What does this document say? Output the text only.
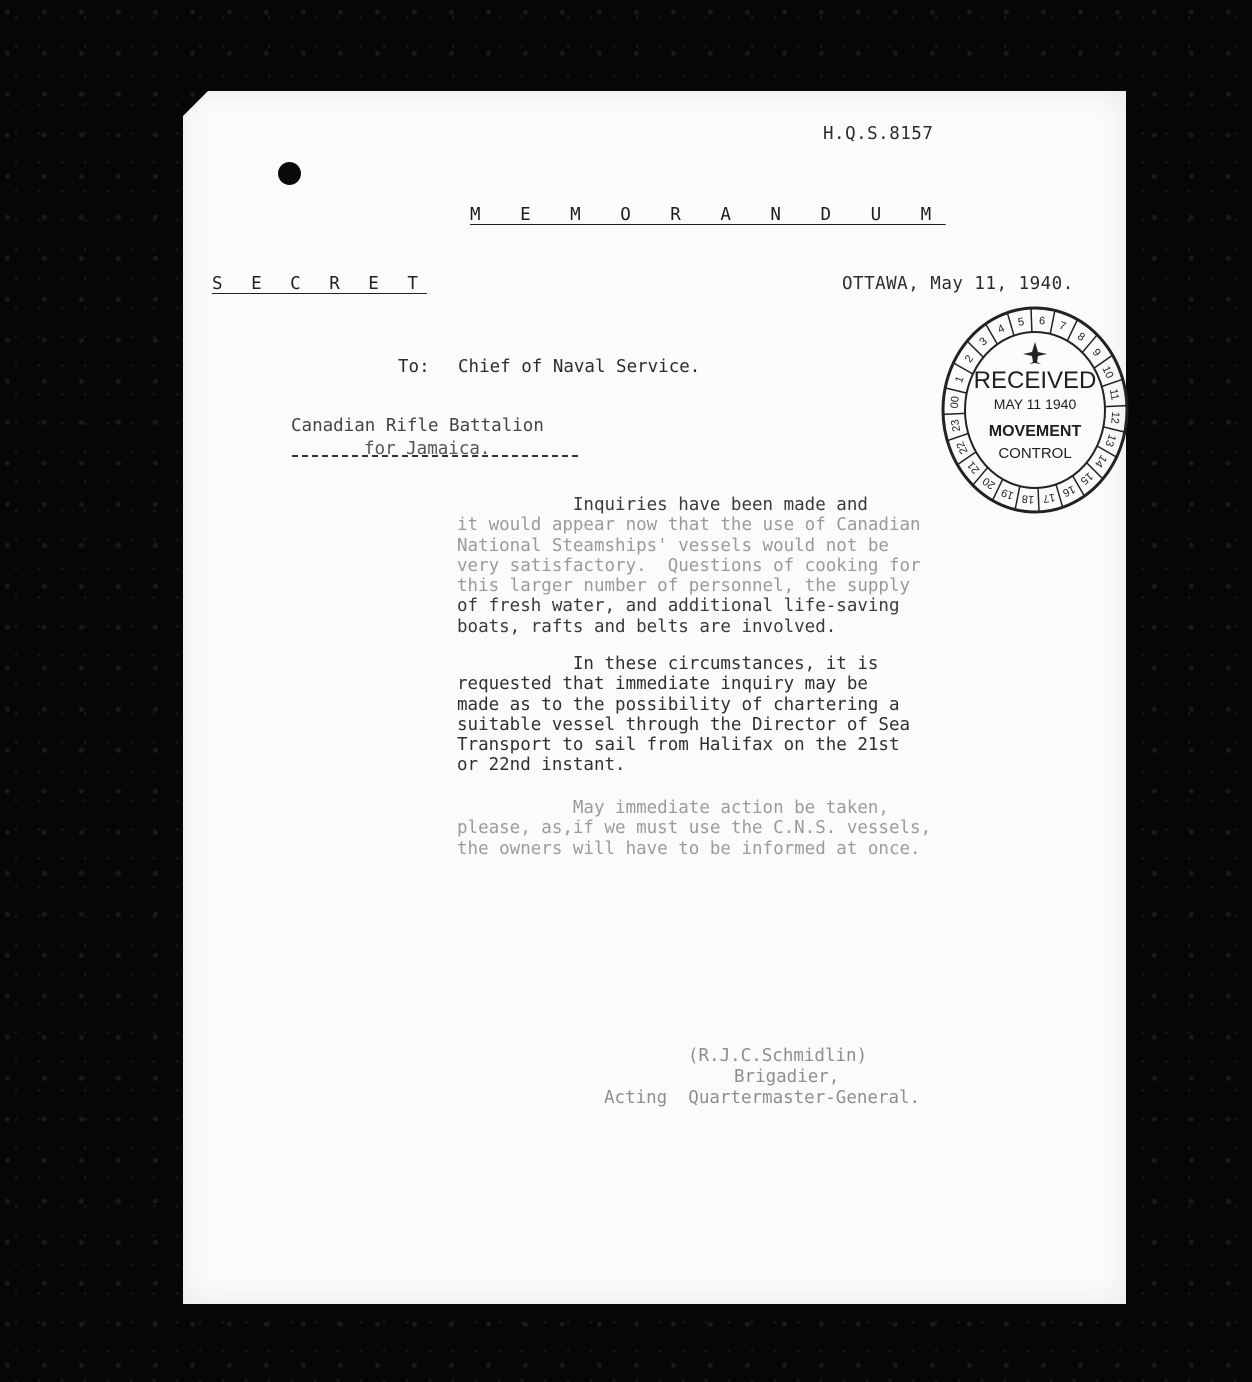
H.Q.S.8157
M E M O R A N D U M
S E C R E T	OTTAWA, May 11, 1940.
To: Chief of Naval Service.
Canadian Rifle Battalion
for Jamaica.
Inquiries have been made and
it would appear now that the use of Canadian
National Steamships' vessels would not be
very satisfactory.  Questions of cooking for
this larger number of personnel, the supply
of fresh water, and additional life-saving
boats, rafts and belts are involved.
In these circumstances, it is
requested that immediate inquiry may be
made as to the possibility of chartering a
suitable vessel through the Director of Sea
Transport to sail from Halifax on the 21st
or 22nd instant.
May immediate action be taken,
please, as,if we must use the C.N.S. vessels,
the owners will have to be informed at once.
(R.J.C.Schmidlin)
Brigadier,
Acting  Quartermaster-General.
1
2
3
4
5 6 7
8
9
10
11
12
13
14
15
16
17
18
19
20
21
22
23
00
RECEIVED
MAY 11 1940
MOVEMENT
CONTROL
